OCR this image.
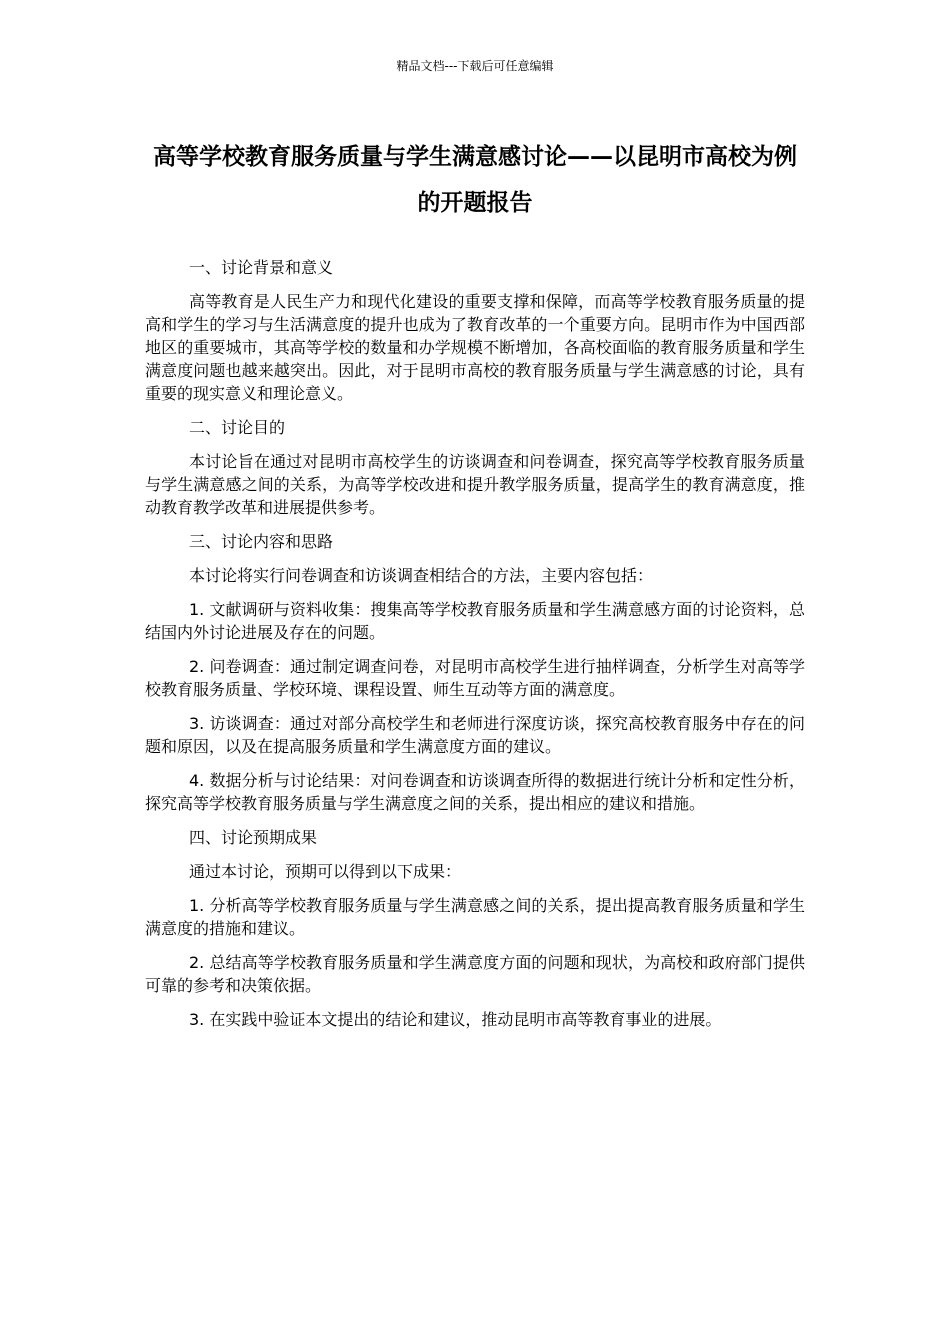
精品文档---下载后可任意编辑
高等学校教育服务质量与学生满意感讨论——以昆明市高校为例的开题报告

一、讨论背景和意义

高等教育是人民生产力和现代化建设的重要支撑和保障，而高等学校教育服务质量的提高和学生的学习与生活满意度的提升也成为了教育改革的一个重要方向。昆明市作为中国西部地区的重要城市，其高等学校的数量和办学规模不断增加，各高校面临的教育服务质量和学生满意度问题也越来越突出。因此，对于昆明市高校的教育服务质量与学生满意感的讨论，具有重要的现实意义和理论意义。

二、讨论目的

本讨论旨在通过对昆明市高校学生的访谈调查和问卷调查，探究高等学校教育服务质量与学生满意感之间的关系，为高等学校改进和提升教学服务质量，提高学生的教育满意度，推动教育教学改革和进展提供参考。

三、讨论内容和思路

本讨论将实行问卷调查和访谈调查相结合的方法，主要内容包括：

1. 文献调研与资料收集：搜集高等学校教育服务质量和学生满意感方面的讨论资料，总结国内外讨论进展及存在的问题。

2. 问卷调查：通过制定调查问卷，对昆明市高校学生进行抽样调查，分析学生对高等学校教育服务质量、学校环境、课程设置、师生互动等方面的满意度。

3. 访谈调查：通过对部分高校学生和老师进行深度访谈，探究高校教育服务中存在的问题和原因，以及在提高服务质量和学生满意度方面的建议。

4. 数据分析与讨论结果：对问卷调查和访谈调查所得的数据进行统计分析和定性分析，探究高等学校教育服务质量与学生满意度之间的关系，提出相应的建议和措施。

四、讨论预期成果

通过本讨论，预期可以得到以下成果：

1. 分析高等学校教育服务质量与学生满意感之间的关系，提出提高教育服务质量和学生满意度的措施和建议。

2. 总结高等学校教育服务质量和学生满意度方面的问题和现状，为高校和政府部门提供可靠的参考和决策依据。

3. 在实践中验证本文提出的结论和建议，推动昆明市高等教育事业的进展。
